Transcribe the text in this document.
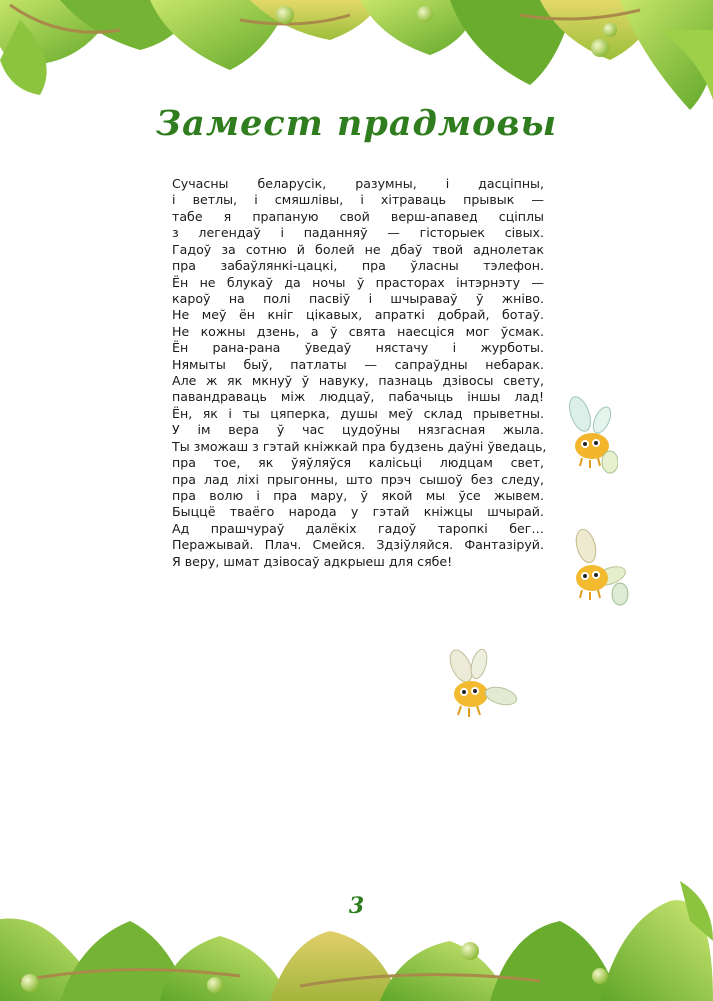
Замест прадмовы
Сучасны беларусік, разумны, і дасціпны,
і ветлы, і смяшлівы, і хітраваць прывык —
табе я прапаную свой верш-апавед сціплы
з легендаў і паданняў — гісторыек сівых.
Гадоў за сотню й болей не дбаў твой аднолетак
пра забаўлянкі-цацкі, пра ўласны тэлефон.
Ён не блукаў да ночы ў прасторах інтэрнэту —
кароў на полі пасвіў і шчыраваў ў жніво.
Не меў ён кніг цікавых, апраткі добрай, ботаў.
Не кожны дзень, а ў свята наесціся мог ўсмак.
Ён рана-рана ўведаў нястачу і журботы.
Нямыты быў, патлаты — сапраўдны небарак.
Але ж як мкнуў ў навуку, пазнаць дзівосы свету,
павандраваць між людцаў, пабачыць іншы лад!
Ён, як і ты цяперка, душы меў склад прыветны.
У ім вера ў час цудоўны нязгасная жыла.
Ты зможаш з гэтай кніжкай пра будзень даўні ўведаць,
пра тое, як ўяўляўся калісьці людцам свет,
пра лад ліхі прыгонны, што прэч сышоў без следу,
пра волю і пра мару, ў якой мы ўсе жывем.
Быццё тваёго народа у гэтай кніжцы шчырай.
Ад прашчураў далёкіх гадоў таропкі бег…
Перажывай. Плач. Смейся. Здзіўляйся. Фантазіруй.
Я веру, шмат дзівосаў адкрыеш для сябе!
3
